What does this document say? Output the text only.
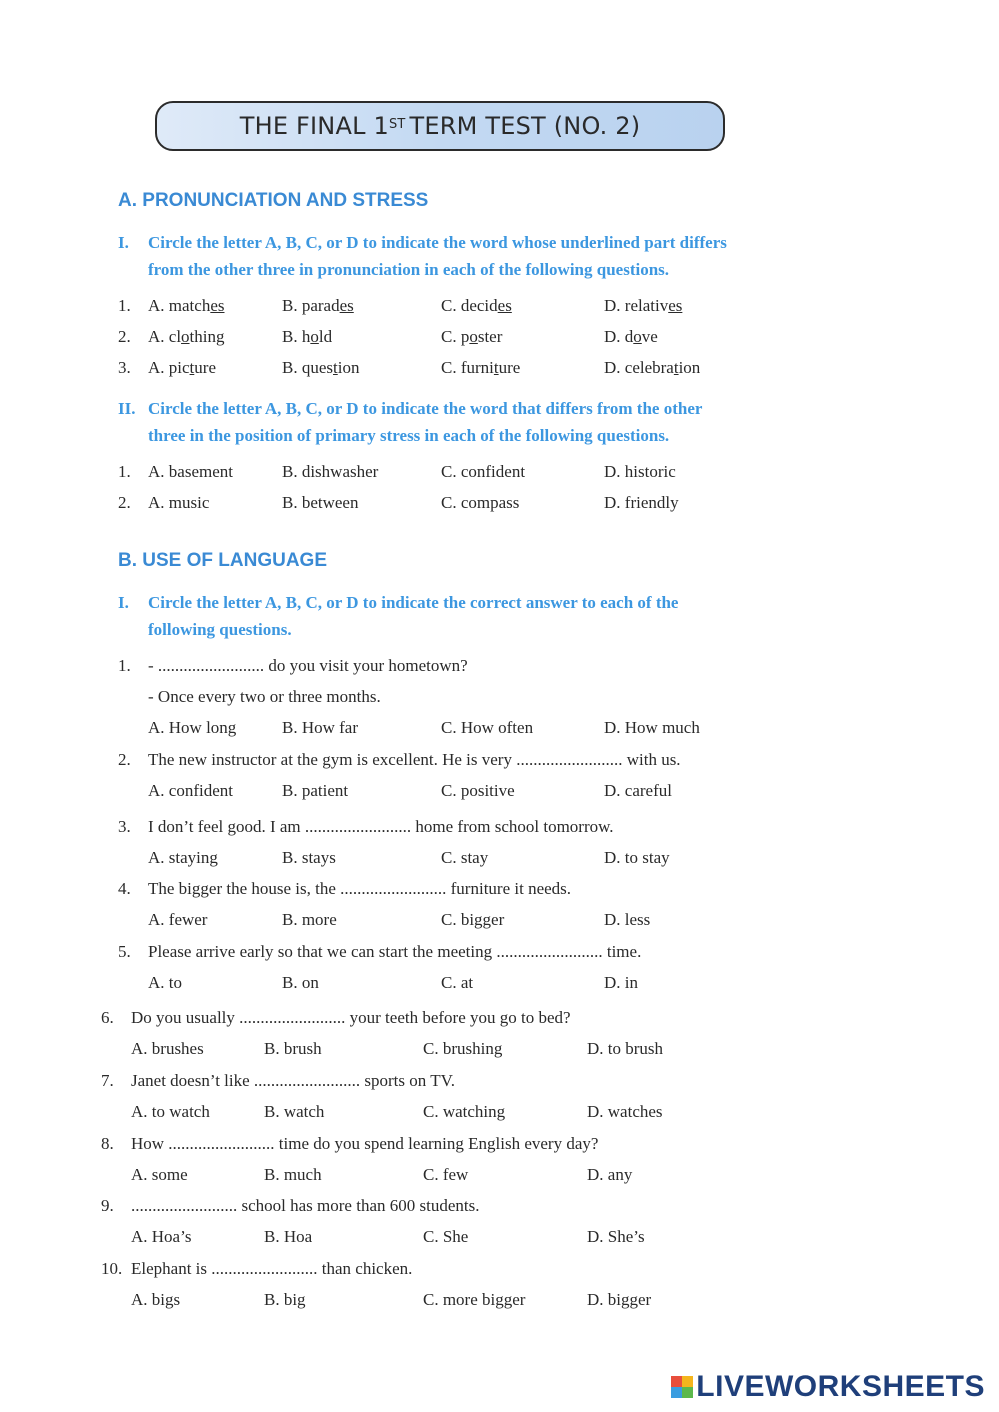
THE FINAL 1ST TERM TEST (NO. 2)
A. PRONUNCIATION AND STRESS
I. Circle the letter A, B, C, or D to indicate the word whose underlined part differs
from the other three in pronunciation in each of the following questions.
1. A. matches	B. parades	C. decides	D. relatives
2. A. clothing	B. hold	C. poster	D. dove
3. A. picture	B. question	C. furniture	D. celebration
II. Circle the letter A, B, C, or D to indicate the word that differs from the other
three in the position of primary stress in each of the following questions.
1. A. basement	B. dishwasher	C. confident	D. historic
2. A. music	B. between	C. compass	D. friendly
B. USE OF LANGUAGE
I. Circle the letter A, B, C, or D to indicate the correct answer to each of the
following questions.
1. - ......................... do you visit your hometown?
- Once every two or three months.
A. How long	B. How far	C. How often	D. How much
2. The new instructor at the gym is excellent. He is very ......................... with us.
A. confident	B. patient	C. positive	D. careful
3. I don’t feel good. I am ......................... home from school tomorrow.
A. staying	B. stays	C. stay	D. to stay
4. The bigger the house is, the ......................... furniture it needs.
A. fewer	B. more	C. bigger	D. less
5. Please arrive early so that we can start the meeting ......................... time.
A. to	B. on	C. at	D. in
6. Do you usually ......................... your teeth before you go to bed?
A. brushes	B. brush	C. brushing	D. to brush
7. Janet doesn’t like ......................... sports on TV.
A. to watch	B. watch	C. watching	D. watches
8. How ......................... time do you spend learning English every day?
A. some	B. much	C. few	D. any
9. ......................... school has more than 600 students.
A. Hoa’s	B. Hoa	C. She	D. She’s
10. Elephant is ......................... than chicken.
A. bigs	B. big	C. more bigger	D. bigger
LIVEWORKSHEETS
